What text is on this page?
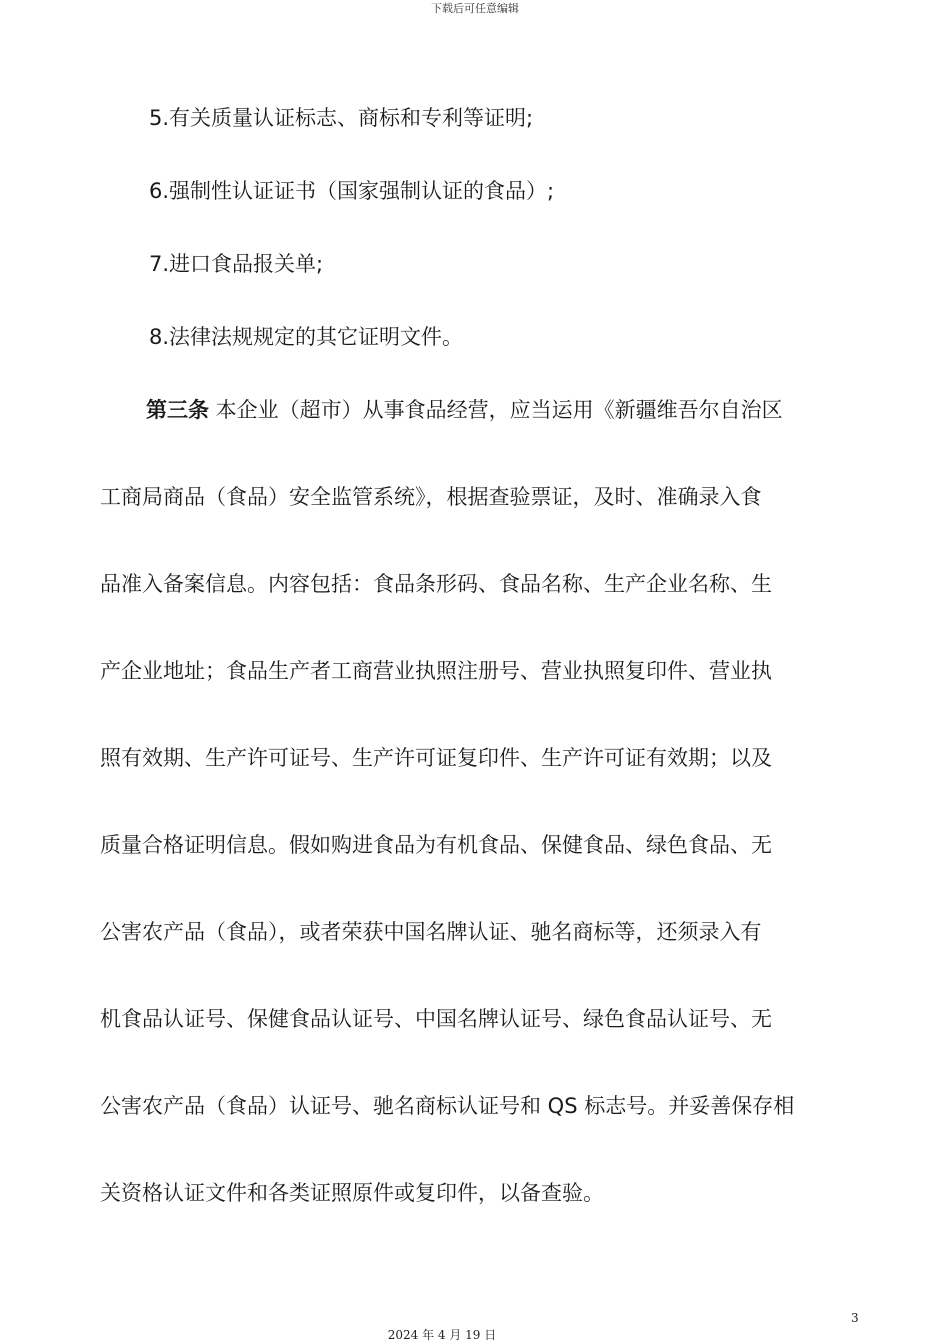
下载后可任意编辑
5.有关质量认证标志、商标和专利等证明;
6.强制性认证证书（国家强制认证的食品）;
7.进口食品报关单;
8.法律法规规定的其它证明文件。
第三条 本企业（超市）从事食品经营，应当运用《新疆维吾尔自治区
工商局商品（食品）安全监管系统》，根据查验票证，及时、准确录入食
品准入备案信息。内容包括：食品条形码、食品名称、生产企业名称、生
产企业地址；食品生产者工商营业执照注册号、营业执照复印件、营业执
照有效期、生产许可证号、生产许可证复印件、生产许可证有效期；以及
质量合格证明信息。假如购进食品为有机食品、保健食品、绿色食品、无
公害农产品（食品），或者荣获中国名牌认证、驰名商标等，还须录入有
机食品认证号、保健食品认证号、中国名牌认证号、绿色食品认证号、无
公害农产品（食品）认证号、驰名商标认证号和 QS 标志号。并妥善保存相
关资格认证文件和各类证照原件或复印件，以备查验。
3
2024 年 4 月 19 日
